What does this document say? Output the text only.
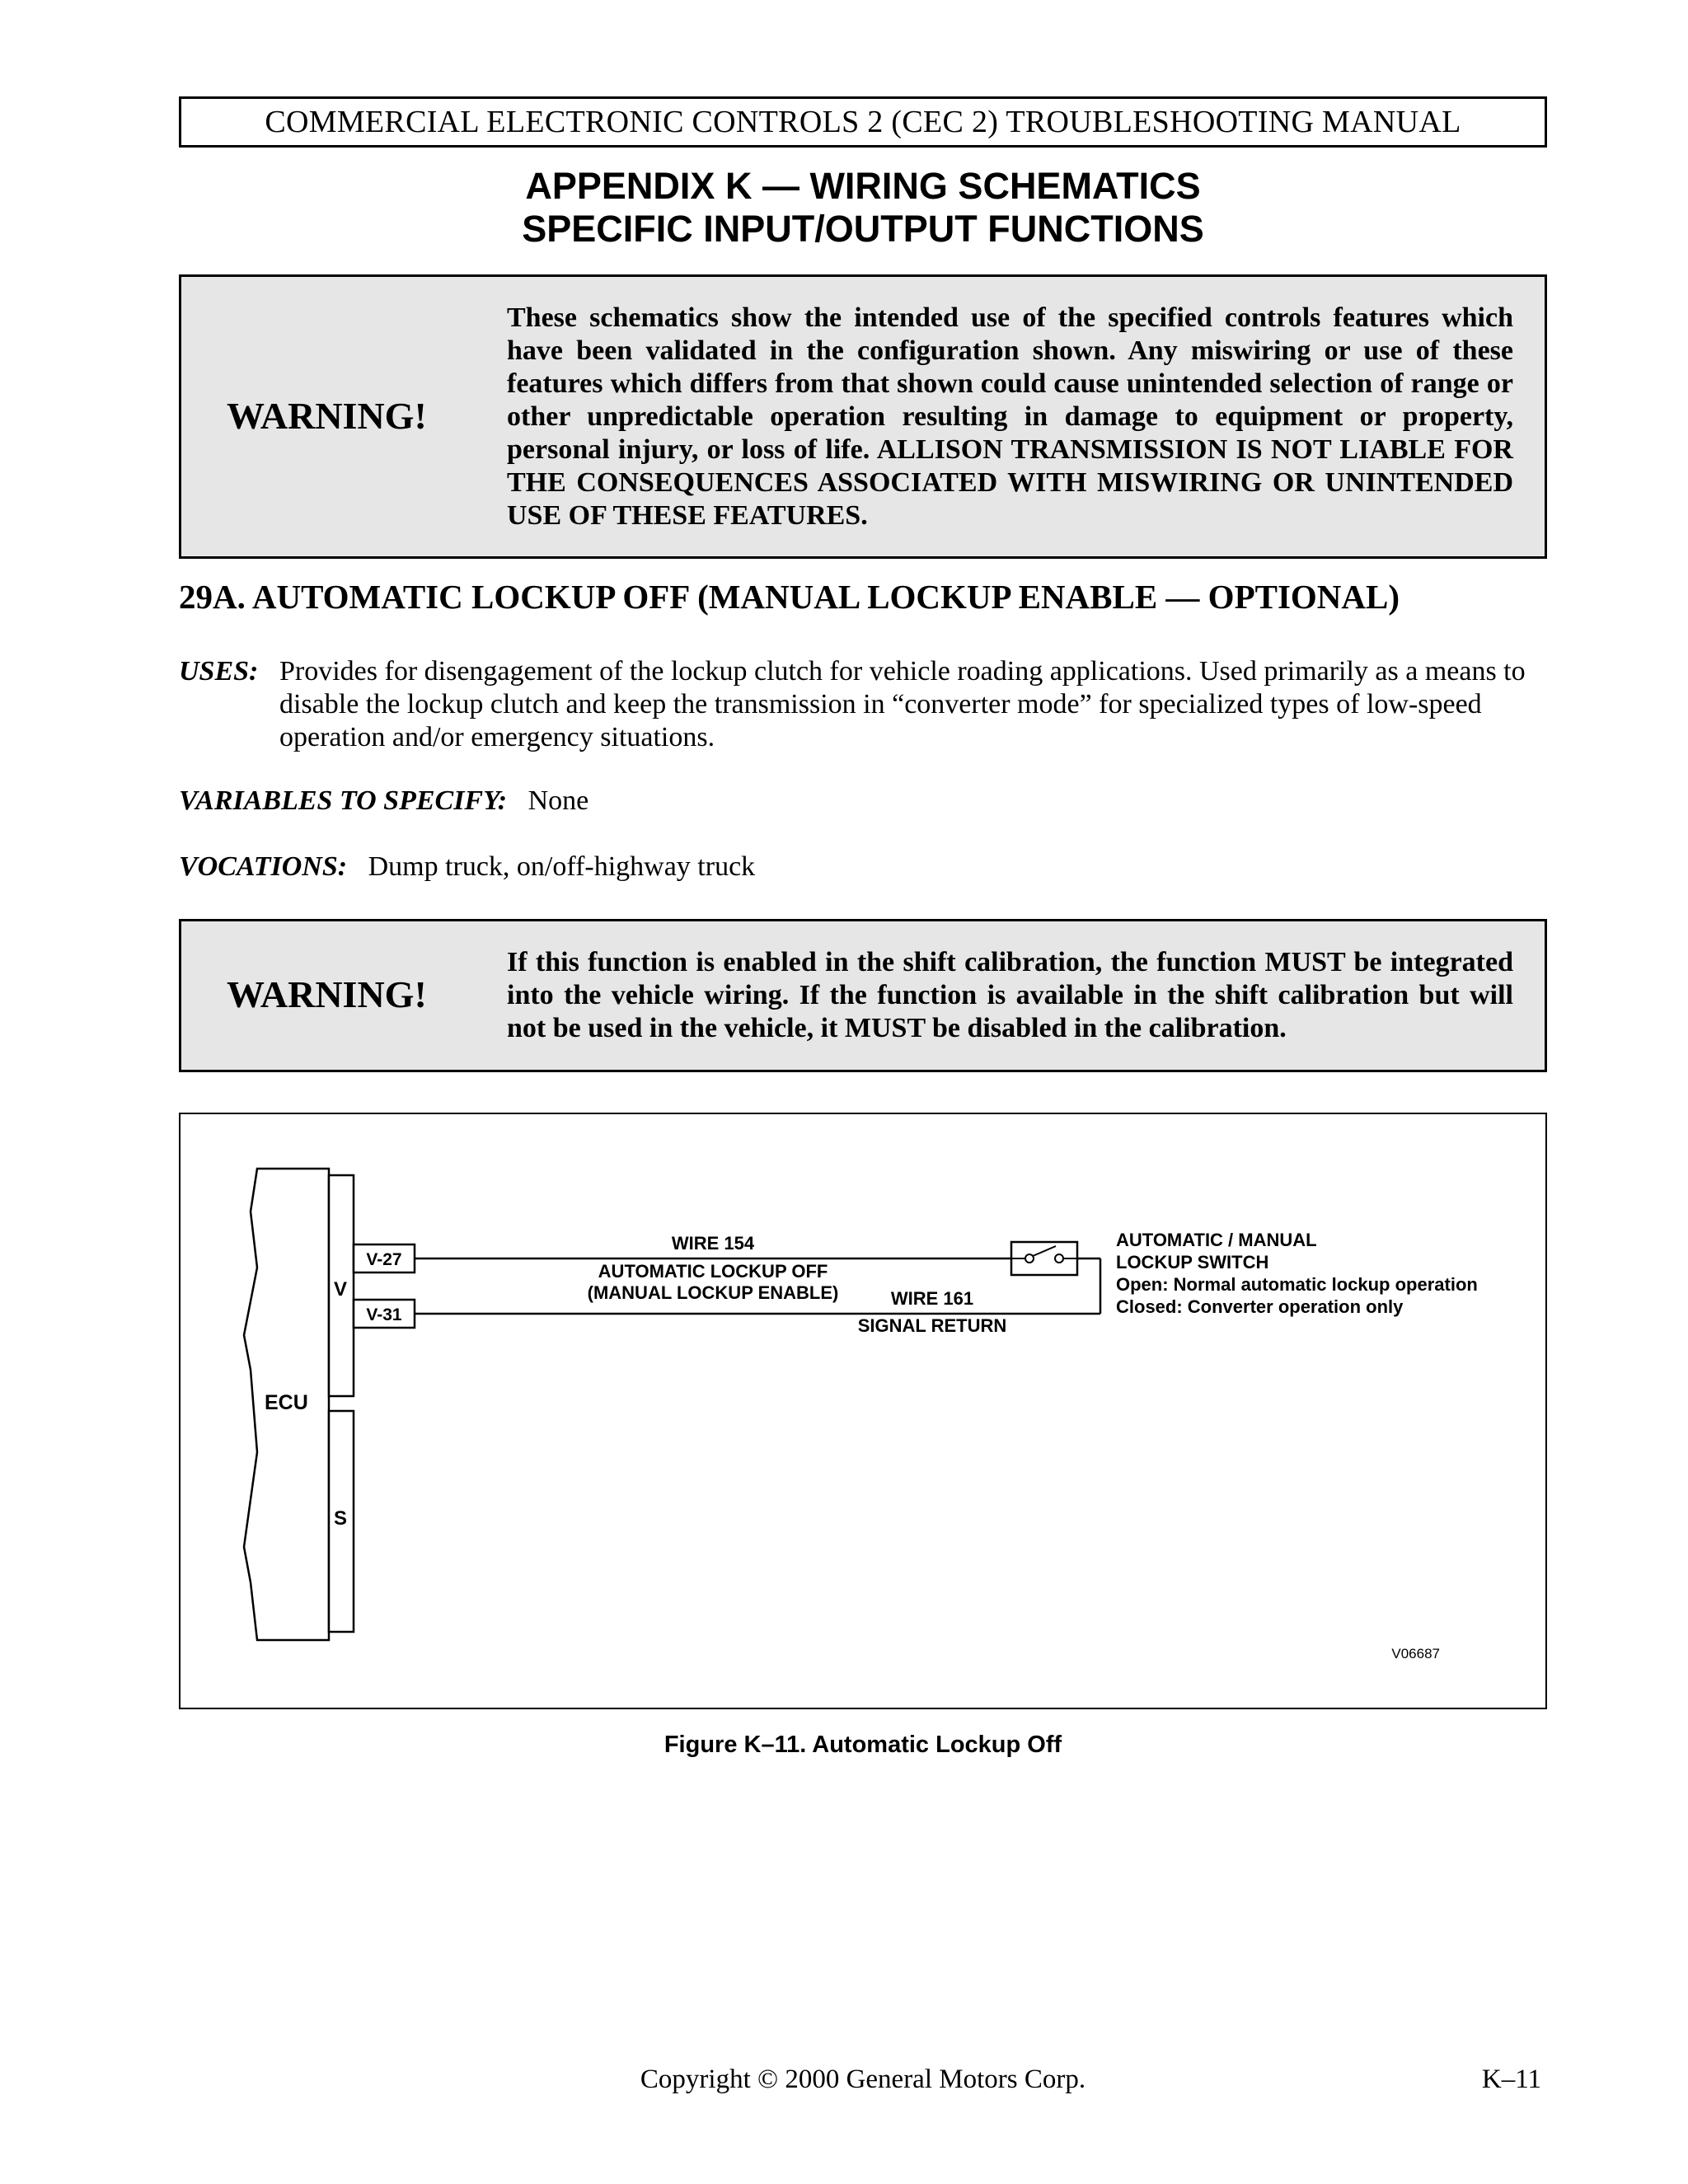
COMMERCIAL ELECTRONIC CONTROLS 2 (CEC 2) TROUBLESHOOTING MANUAL
APPENDIX K — WIRING SCHEMATICS
SPECIFIC INPUT/OUTPUT FUNCTIONS
WARNING!
These schematics show the intended use of the specified controls features which have been validated in the configuration shown. Any miswiring or use of these features which differs from that shown could cause unintended selection of range or other unpredictable operation resulting in damage to equipment or property, personal injury, or loss of life. ALLISON TRANSMISSION IS NOT LIABLE FOR THE CONSEQUENCES ASSOCIATED WITH MISWIRING OR UNINTENDED USE OF THESE FEATURES.
29A. AUTOMATIC LOCKUP OFF (MANUAL LOCKUP ENABLE — OPTIONAL)
USES: Provides for disengagement of the lockup clutch for vehicle roading applications. Used primarily as a means to disable the lockup clutch and keep the transmission in “converter mode” for specialized types of low-speed operation and/or emergency situations.
VARIABLES TO SPECIFY: None
VOCATIONS: Dump truck, on/off-highway truck
WARNING!
If this function is enabled in the shift calibration, the function MUST be integrated into the vehicle wiring. If the function is available in the shift calibration but will not be used in the vehicle, it MUST be disabled in the calibration.
ECU
V
S
V-27
V-31
WIRE 154
AUTOMATIC LOCKUP OFF
(MANUAL LOCKUP ENABLE)	WIRE 161
SIGNAL RETURN
AUTOMATIC / MANUAL
LOCKUP SWITCH
Open: Normal automatic lockup operation
Closed: Converter operation only
V06687
Figure K–11. Automatic Lockup Off
Copyright © 2000 General Motors Corp.	K–11
